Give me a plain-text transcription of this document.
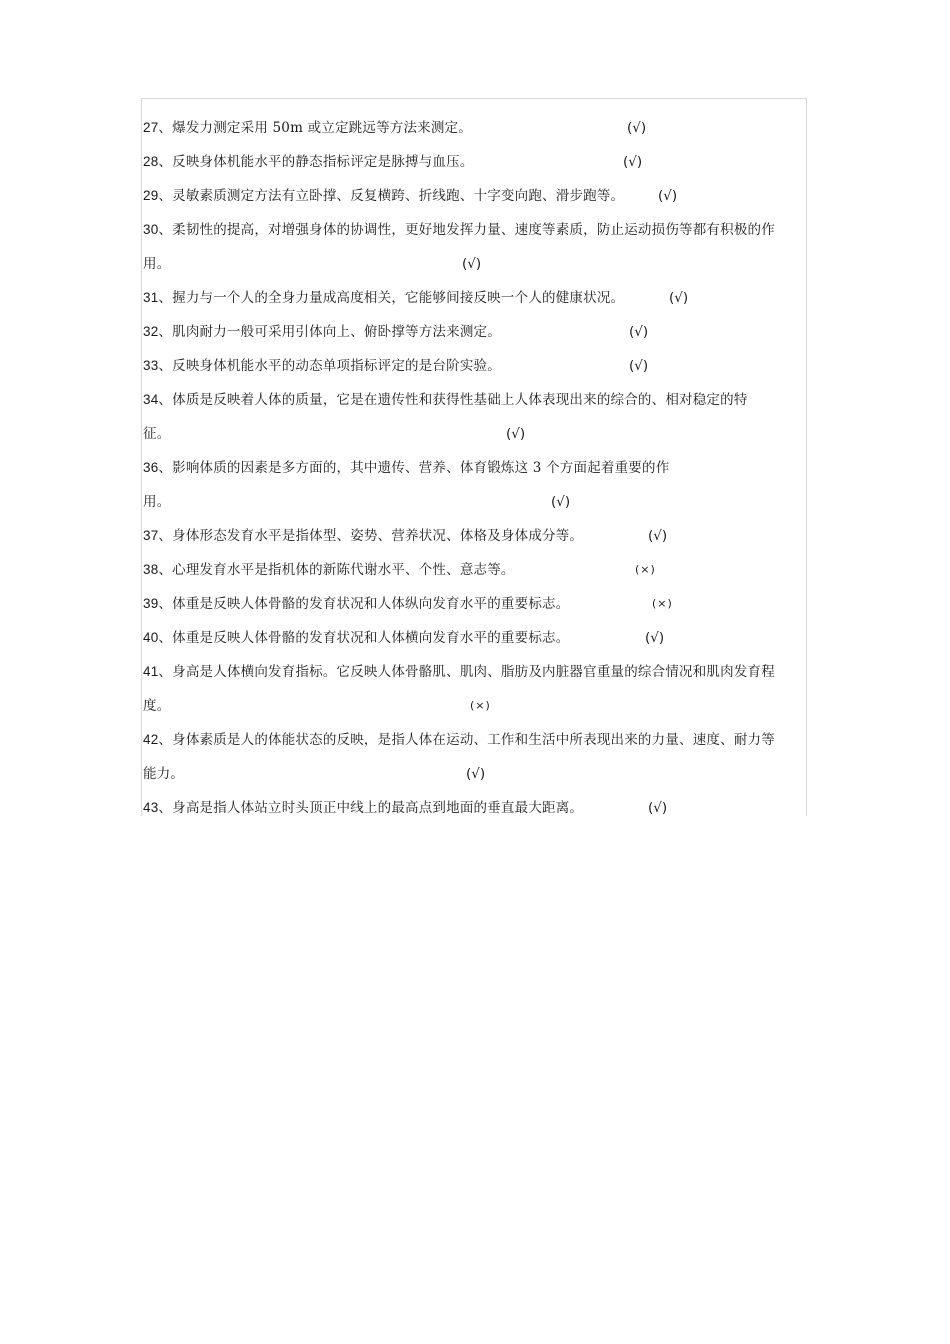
27、爆发力测定采用 50m 或立定跳远等方法来测定。	(√)
28、反映身体机能水平的静态指标评定是脉搏与血压。	(√)
29、灵敏素质测定方法有立卧撑、反复横跨、折线跑、十字变向跑、滑步跑等。	(√)
30、柔韧性的提高，对增强身体的协调性，更好地发挥力量、速度等素质，防止运动损伤等都有积极的作
用。	(√)
31、握力与一个人的全身力量成高度相关，它能够间接反映一个人的健康状况。	(√)
32、肌肉耐力一般可采用引体向上、俯卧撑等方法来测定。	(√)
33、反映身体机能水平的动态单项指标评定的是台阶实验。	(√)
34、体质是反映着人体的质量，它是在遗传性和获得性基础上人体表现出来的综合的、相对稳定的特
征。	(√)
36、影响体质的因素是多方面的，其中遗传、营养、体育锻炼这 3 个方面起着重要的作
用。	(√)
37、身体形态发育水平是指体型、姿势、营养状况、体格及身体成分等。	(√)
38、心理发育水平是指机体的新陈代谢水平、个性、意志等。	(×)
39、体重是反映人体骨骼的发育状况和人体纵向发育水平的重要标志。	(×)
40、体重是反映人体骨骼的发育状况和人体横向发育水平的重要标志。	(√)
41、身高是人体横向发育指标。它反映人体骨骼肌、肌肉、脂肪及内脏器官重量的综合情况和肌肉发育程
度。	(×)
42、身体素质是人的体能状态的反映，是指人体在运动、工作和生活中所表现出来的力量、速度、耐力等
能力。	(√)
43、身高是指人体站立时头顶正中线上的最高点到地面的垂直最大距离。	(√)
